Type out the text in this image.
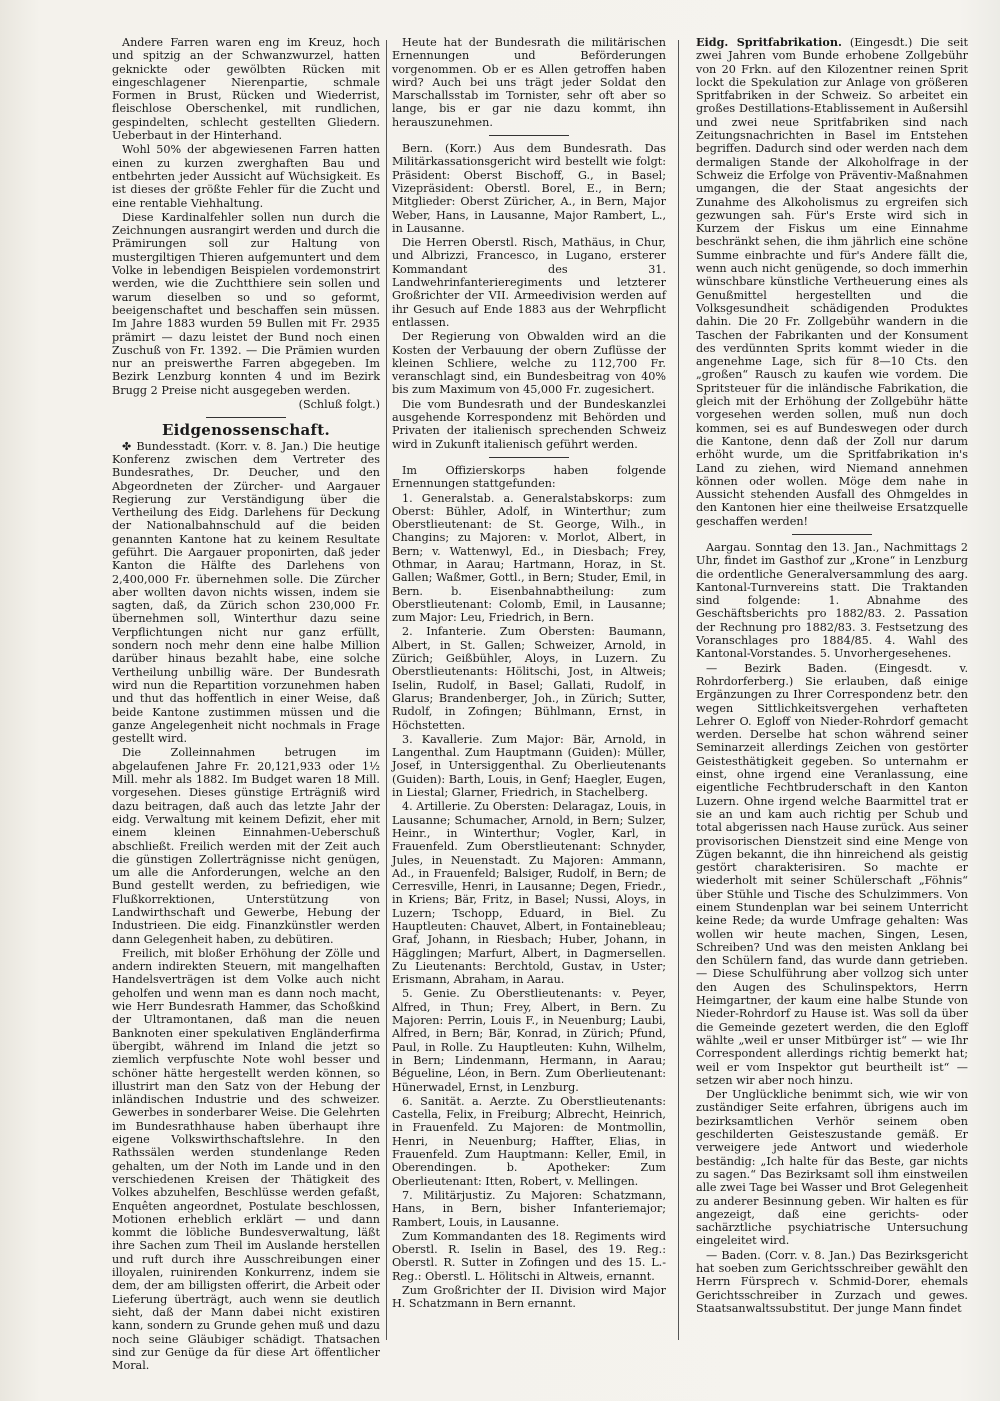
Andere Farren waren eng im Kreuz, hoch und spitzig an der Schwanzwurzel, hatten geknickte oder gewölbten Rücken mit eingeschlagener Nierenpartie, schmale Formen in Brust, Rücken und Wiederrist, fleischlose Oberschenkel, mit rundlichen, gespindelten, schlecht gestellten Gliedern. Ueberbaut in der Hinterhand.

Wohl 50% der abgewiesenen Farren hatten einen zu kurzen zwerghaften Bau und entbehrten jeder Aussicht auf Wüchsigkeit. Es ist dieses der größte Fehler für die Zucht und eine rentable Viehhaltung.

Diese Kardinalfehler sollen nun durch die Zeichnungen ausrangirt werden und durch die Prämirungen soll zur Haltung von mustergiltigen Thieren aufgemuntert und dem Volke in lebendigen Beispielen vordemonstrirt werden, wie die Zuchtthiere sein sollen und warum dieselben so und so geformt, beeigenschaftet und beschaffen sein müssen. Im Jahre 1883 wurden 59 Bullen mit Fr. 2935 prämirt — dazu leistet der Bund noch einen Zuschuß von Fr. 1392. — Die Prämien wurden nur an preiswerthe Farren abgegeben. Im Bezirk Lenzburg konnten 4 und im Bezirk Brugg 2 Preise nicht ausgegeben werden.

(Schluß folgt.)

Eidgenossenschaft.

✤ Bundesstadt. (Korr. v. 8. Jan.) Die heutige Konferenz zwischen dem Vertreter des Bundesrathes, Dr. Deucher, und den Abgeordneten der Zürcher- und Aargauer Regierung zur Verständigung über die Vertheilung des Eidg. Darlehens für Deckung der Nationalbahnschuld auf die beiden genannten Kantone hat zu keinem Resultate geführt. Die Aargauer proponirten, daß jeder Kanton die Hälfte des Darlehens von 2,400,000 Fr. übernehmen solle. Die Zürcher aber wollten davon nichts wissen, indem sie sagten, daß, da Zürich schon 230,000 Fr. übernehmen soll, Winterthur dazu seine Verpflichtungen nicht nur ganz erfüllt, sondern noch mehr denn eine halbe Million darüber hinaus bezahlt habe, eine solche Vertheilung unbillig wäre. Der Bundesrath wird nun die Repartition vorzunehmen haben und thut das hoffentlich in einer Weise, daß beide Kantone zustimmen müssen und die ganze Angelegenheit nicht nochmals in Frage gestellt wird.

Die Zolleinnahmen betrugen im abgelaufenen Jahre Fr. 20,121,933 oder 1½ Mill. mehr als 1882. Im Budget waren 18 Mill. vorgesehen. Dieses günstige Erträgniß wird dazu beitragen, daß auch das letzte Jahr der eidg. Verwaltung mit keinem Defizit, eher mit einem kleinen Einnahmen-Ueberschuß abschließt. Freilich werden mit der Zeit auch die günstigen Zollerträgnisse nicht genügen, um alle die Anforderungen, welche an den Bund gestellt werden, zu befriedigen, wie Flußkorrektionen, Unterstützung von Landwirthschaft und Gewerbe, Hebung der Industrieen. Die eidg. Finanzkünstler werden dann Gelegenheit haben, zu debütiren.

Freilich, mit bloßer Erhöhung der Zölle und andern indirekten Steuern, mit mangelhaften Handelsverträgen ist dem Volke auch nicht geholfen und wenn man es dann noch macht, wie Herr Bundesrath Hammer, das Schoßkind der Ultramontanen, daß man die neuen Banknoten einer spekulativen Engländerfirma übergibt, während im Inland die jetzt so ziemlich verpfuschte Note wohl besser und schöner hätte hergestellt werden können, so illustrirt man den Satz von der Hebung der inländischen Industrie und des schweizer. Gewerbes in sonderbarer Weise. Die Gelehrten im Bundesrathhause haben überhaupt ihre eigene Volkswirthschaftslehre. In den Rathssälen werden stundenlange Reden gehalten, um der Noth im Lande und in den verschiedenen Kreisen der Thätigkeit des Volkes abzuhelfen, Beschlüsse werden gefaßt, Enquêten angeordnet, Postulate beschlossen, Motionen erheblich erklärt — und dann kommt die löbliche Bundesverwaltung, läßt ihre Sachen zum Theil im Auslande herstellen und ruft durch ihre Ausschreibungen einer illoyalen, ruinirenden Konkurrenz, indem sie dem, der am billigsten offerirt, die Arbeit oder Lieferung überträgt, auch wenn sie deutlich sieht, daß der Mann dabei nicht existiren kann, sondern zu Grunde gehen muß und dazu noch seine Gläubiger schädigt. Thatsachen sind zur Genüge da für diese Art öffentlicher Moral.

Heute hat der Bundesrath die militärischen Ernennungen und Beförderungen vorgenommen. Ob er es Allen getroffen haben wird? Auch bei uns trägt jeder Soldat den Marschallsstab im Tornister, sehr oft aber so lange, bis er gar nie dazu kommt, ihn herauszunehmen.

Bern. (Korr.) Aus dem Bundesrath. Das Militärkassationsgericht wird bestellt wie folgt: Präsident: Oberst Bischoff, G., in Basel; Vizepräsident: Oberstl. Borel, E., in Bern; Mitglieder: Oberst Züricher, A., in Bern, Major Weber, Hans, in Lausanne, Major Rambert, L., in Lausanne.

Die Herren Oberstl. Risch, Mathäus, in Chur, und Albrizzi, Francesco, in Lugano, ersterer Kommandant des 31. Landwehrinfanterieregiments und letzterer Großrichter der VII. Armeedivision werden auf ihr Gesuch auf Ende 1883 aus der Wehrpflicht entlassen.

Der Regierung von Obwalden wird an die Kosten der Verbauung der obern Zuflüsse der kleinen Schliere, welche zu 112,700 Fr. veranschlagt sind, ein Bundesbeitrag von 40% bis zum Maximum von 45,000 Fr. zugesichert.

Die vom Bundesrath und der Bundeskanzlei ausgehende Korrespondenz mit Behörden und Privaten der italienisch sprechenden Schweiz wird in Zukunft italienisch geführt werden.

Im Offizierskorps haben folgende Ernennungen stattgefunden:

1. Generalstab. a. Generalstabskorps: zum Oberst: Bühler, Adolf, in Winterthur; zum Oberstlieutenant: de St. George, Wilh., in Changins; zu Majoren: v. Morlot, Albert, in Bern; v. Wattenwyl, Ed., in Diesbach; Frey, Othmar, in Aarau; Hartmann, Horaz, in St. Gallen; Waßmer, Gottl., in Bern; Studer, Emil, in Bern. b. Eisenbahnabtheilung: zum Oberstlieutenant: Colomb, Emil, in Lausanne; zum Major: Leu, Friedrich, in Bern.

2. Infanterie. Zum Obersten: Baumann, Albert, in St. Gallen; Schweizer, Arnold, in Zürich; Geißbühler, Aloys, in Luzern. Zu Oberstlieutenants: Hölitschi, Jost, in Altweis; Iselin, Rudolf, in Basel; Gallati, Rudolf, in Glarus; Brandenberger, Joh., in Zürich; Sutter, Rudolf, in Zofingen; Bühlmann, Ernst, in Höchstetten.

3. Kavallerie. Zum Major: Bär, Arnold, in Langenthal. Zum Hauptmann (Guiden): Müller, Josef, in Untersiggenthal. Zu Oberlieutenants (Guiden): Barth, Louis, in Genf; Haegler, Eugen, in Liestal; Glarner, Friedrich, in Stachelberg.

4. Artillerie. Zu Obersten: Delaragaz, Louis, in Lausanne; Schumacher, Arnold, in Bern; Sulzer, Heinr., in Winterthur; Vogler, Karl, in Frauenfeld. Zum Oberstlieutenant: Schnyder, Jules, in Neuenstadt. Zu Majoren: Ammann, Ad., in Frauenfeld; Balsiger, Rudolf, in Bern; de Cerresville, Henri, in Lausanne; Degen, Friedr., in Kriens; Bär, Fritz, in Basel; Nussi, Aloys, in Luzern; Tschopp, Eduard, in Biel. Zu Hauptleuten: Chauvet, Albert, in Fontainebleau; Graf, Johann, in Riesbach; Huber, Johann, in Hägglingen; Marfurt, Albert, in Dagmersellen. Zu Lieutenants: Berchtold, Gustav, in Uster; Erismann, Abraham, in Aarau.

5. Genie. Zu Oberstlieutenants: v. Peyer, Alfred, in Thun; Frey, Albert, in Bern. Zu Majoren: Perrin, Louis F., in Neuenburg; Laubi, Alfred, in Bern; Bär, Konrad, in Zürich; Pfund, Paul, in Rolle. Zu Hauptleuten: Kuhn, Wilhelm, in Bern; Lindenmann, Hermann, in Aarau; Bégueline, Léon, in Bern. Zum Oberlieutenant: Hünerwadel, Ernst, in Lenzburg.

6. Sanität. a. Aerzte. Zu Oberstlieutenants: Castella, Felix, in Freiburg; Albrecht, Heinrich, in Frauenfeld. Zu Majoren: de Montmollin, Henri, in Neuenburg; Haffter, Elias, in Frauenfeld. Zum Hauptmann: Keller, Emil, in Oberendingen. b. Apotheker: Zum Oberlieutenant: Itten, Robert, v. Mellingen.

7. Militärjustiz. Zu Majoren: Schatzmann, Hans, in Bern, bisher Infanteriemajor; Rambert, Louis, in Lausanne.

Zum Kommandanten des 18. Regiments wird Oberstl. R. Iselin in Basel, des 19. Reg.: Oberstl. R. Sutter in Zofingen und des 15. L.-Reg.: Oberstl. L. Hölitschi in Altweis, ernannt.

Zum Großrichter der II. Division wird Major H. Schatzmann in Bern ernannt.

Eidg. Spritfabrikation. (Eingesdt.) Die seit zwei Jahren vom Bunde erhobene Zollgebühr von 20 Frkn. auf den Kilozentner reinen Sprit lockt die Spekulation zur Anlage von größeren Spritfabriken in der Schweiz. So arbeitet ein großes Destillations-Etablissement in Außersihl und zwei neue Spritfabriken sind nach Zeitungsnachrichten in Basel im Entstehen begriffen. Dadurch sind oder werden nach dem dermaligen Stande der Alkoholfrage in der Schweiz die Erfolge von Präventiv-Maßnahmen umgangen, die der Staat angesichts der Zunahme des Alkoholismus zu ergreifen sich gezwungen sah. Für's Erste wird sich in Kurzem der Fiskus um eine Einnahme beschränkt sehen, die ihm jährlich eine schöne Summe einbrachte und für's Andere fällt die, wenn auch nicht genügende, so doch immerhin wünschbare künstliche Vertheuerung eines als Genußmittel hergestellten und die Volksgesundheit schädigenden Produktes dahin. Die 20 Fr. Zollgebühr wandern in die Taschen der Fabrikanten und der Konsument des verdünnten Sprits kommt wieder in die angenehme Lage, sich für 8—10 Cts. den „großen“ Rausch zu kaufen wie vordem. Die Spritsteuer für die inländische Fabrikation, die gleich mit der Erhöhung der Zollgebühr hätte vorgesehen werden sollen, muß nun doch kommen, sei es auf Bundeswegen oder durch die Kantone, denn daß der Zoll nur darum erhöht wurde, um die Spritfabrikation in's Land zu ziehen, wird Niemand annehmen können oder wollen. Möge dem nahe in Aussicht stehenden Ausfall des Ohmgeldes in den Kantonen hier eine theilweise Ersatzquelle geschaffen werden!

Aargau. Sonntag den 13. Jan., Nachmittags 2 Uhr, findet im Gasthof zur „Krone“ in Lenzburg die ordentliche Generalversammlung des aarg. Kantonal-Turnvereins statt. Die Traktanden sind folgende: 1. Abnahme des Geschäftsberichts pro 1882/83. 2. Passation der Rechnung pro 1882/83. 3. Festsetzung des Voranschlages pro 1884/85. 4. Wahl des Kantonal-Vorstandes. 5. Unvorhergesehenes.

— Bezirk Baden. (Eingesdt. v. Rohrdorferberg.) Sie erlauben, daß einige Ergänzungen zu Ihrer Correspondenz betr. den wegen Sittlichkeitsvergehen verhafteten Lehrer O. Egloff von Nieder-Rohrdorf gemacht werden. Derselbe hat schon während seiner Seminarzeit allerdings Zeichen von gestörter Geistesthätigkeit gegeben. So unternahm er einst, ohne irgend eine Veranlassung, eine eigentliche Fechtbruderschaft in den Kanton Luzern. Ohne irgend welche Baarmittel trat er sie an und kam auch richtig per Schub und total abgerissen nach Hause zurück. Aus seiner provisorischen Dienstzeit sind eine Menge von Zügen bekannt, die ihn hinreichend als geistig gestört charakterisiren. So machte er wiederholt mit seiner Schülerschaft „Föhnis“ über Stühle und Tische des Schulzimmers. Von einem Stundenplan war bei seinem Unterricht keine Rede; da wurde Umfrage gehalten: Was wollen wir heute machen, Singen, Lesen, Schreiben? Und was den meisten Anklang bei den Schülern fand, das wurde dann getrieben. — Diese Schulführung aber vollzog sich unter den Augen des Schulinspektors, Herrn Heimgartner, der kaum eine halbe Stunde von Nieder-Rohrdorf zu Hause ist. Was soll da über die Gemeinde gezetert werden, die den Egloff wählte „weil er unser Mitbürger ist“ — wie Ihr Correspondent allerdings richtig bemerkt hat; weil er vom Inspektor gut beurtheilt ist“ — setzen wir aber noch hinzu.

Der Unglückliche benimmt sich, wie wir von zuständiger Seite erfahren, übrigens auch im bezirksamtlichen Verhör seinem oben geschilderten Geisteszustande gemäß. Er verweigere jede Antwort und wiederhole beständig: „Ich halte für das Beste, gar nichts zu sagen.“ Das Bezirksamt soll ihm einstweilen alle zwei Tage bei Wasser und Brot Gelegenheit zu anderer Besinnung geben. Wir halten es für angezeigt, daß eine gerichts- oder sachärztliche psychiatrische Untersuchung eingeleitet wird.

— Baden. (Corr. v. 8. Jan.) Das Bezirksgericht hat soeben zum Gerichtsschreiber gewählt den Herrn Fürsprech v. Schmid-Dorer, ehemals Gerichtsschreiber in Zurzach und gewes. Staatsanwaltssubstitut. Der junge Mann findet
